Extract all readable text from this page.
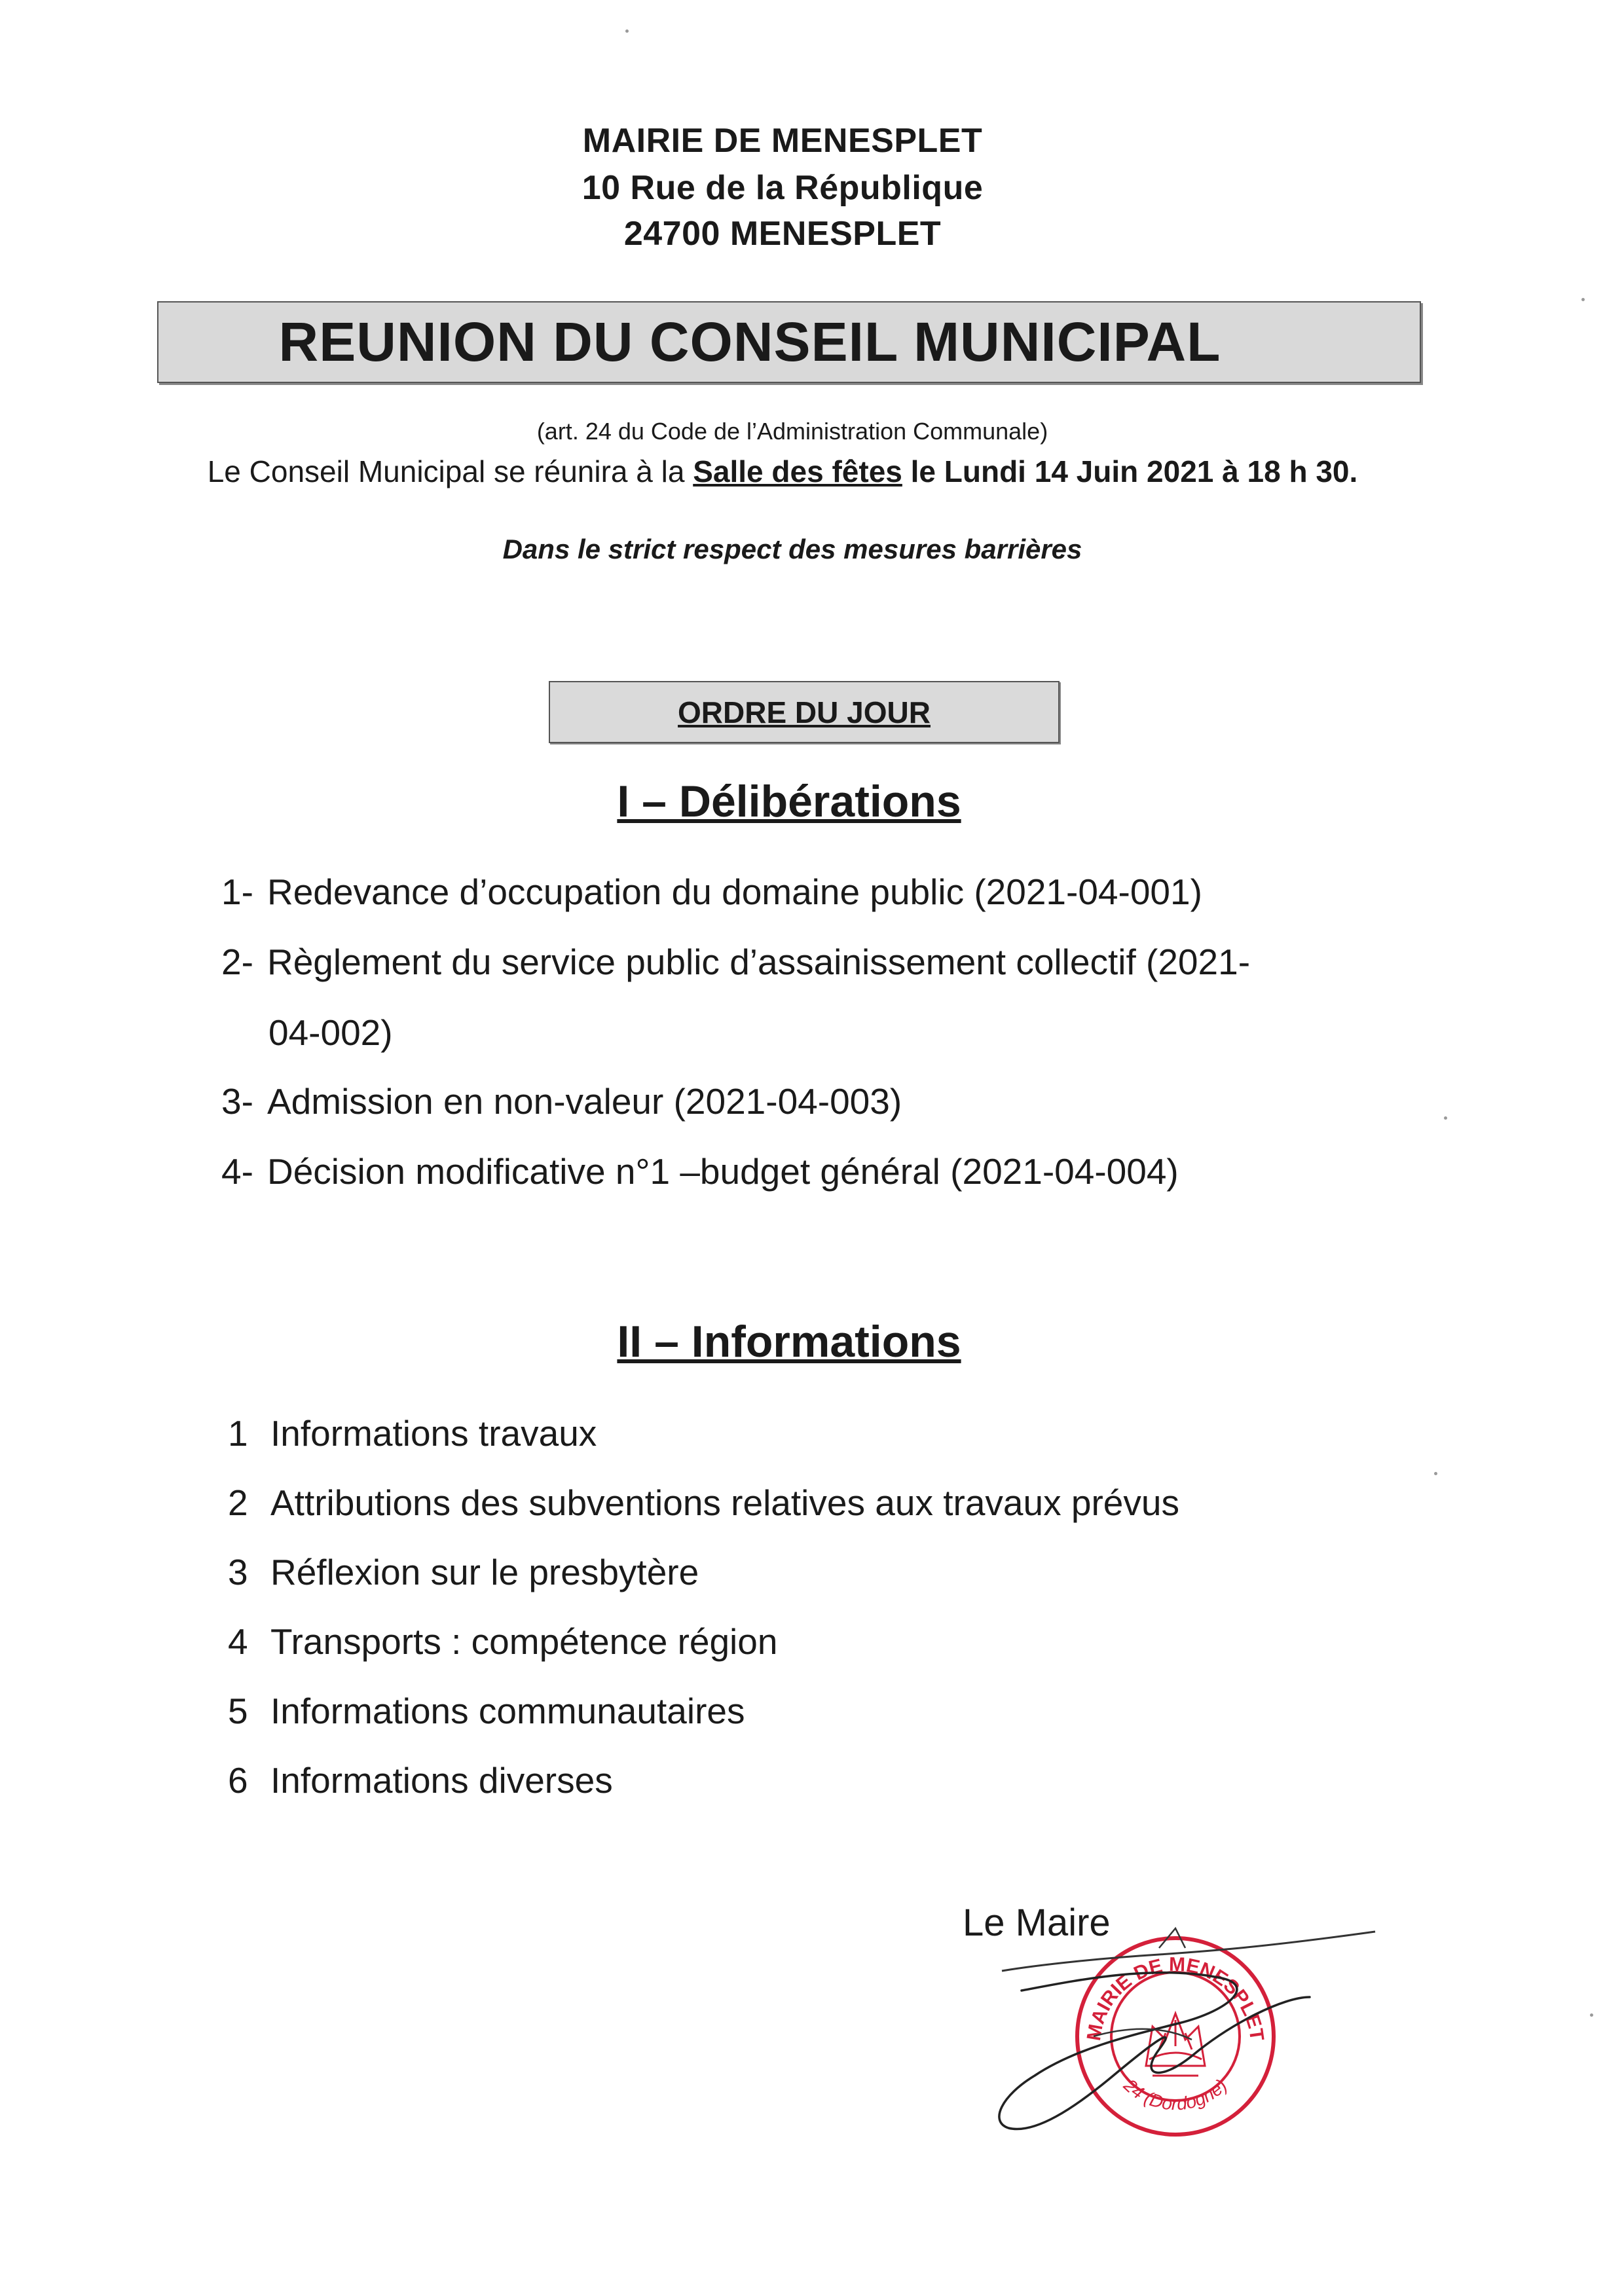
MAIRIE DE MENESPLET
10 Rue de la République
24700 MENESPLET
REUNION DU CONSEIL MUNICIPAL
(art. 24 du Code de l’Administration Communale)
Le Conseil Municipal se réunira à la Salle des fêtes le Lundi 14 Juin 2021 à 18 h 30.
Dans le strict respect des mesures barrières
ORDRE DU JOUR
I – Délibérations
1- Redevance d’occupation du domaine public (2021-04-001)
2- Règlement du service public d’assainissement collectif (2021-
04-002)
3- Admission en non-valeur (2021-04-003)
4- Décision modificative n°1 –budget général (2021-04-004)
II – Informations
1 Informations travaux
2 Attributions des subventions relatives aux travaux prévus
3 Réflexion sur le presbytère
4 Transports : compétence région
5 Informations communautaires
6 Informations diverses
Le Maire
MAIRIE DE MENESPLET
24 (Dordogne)
